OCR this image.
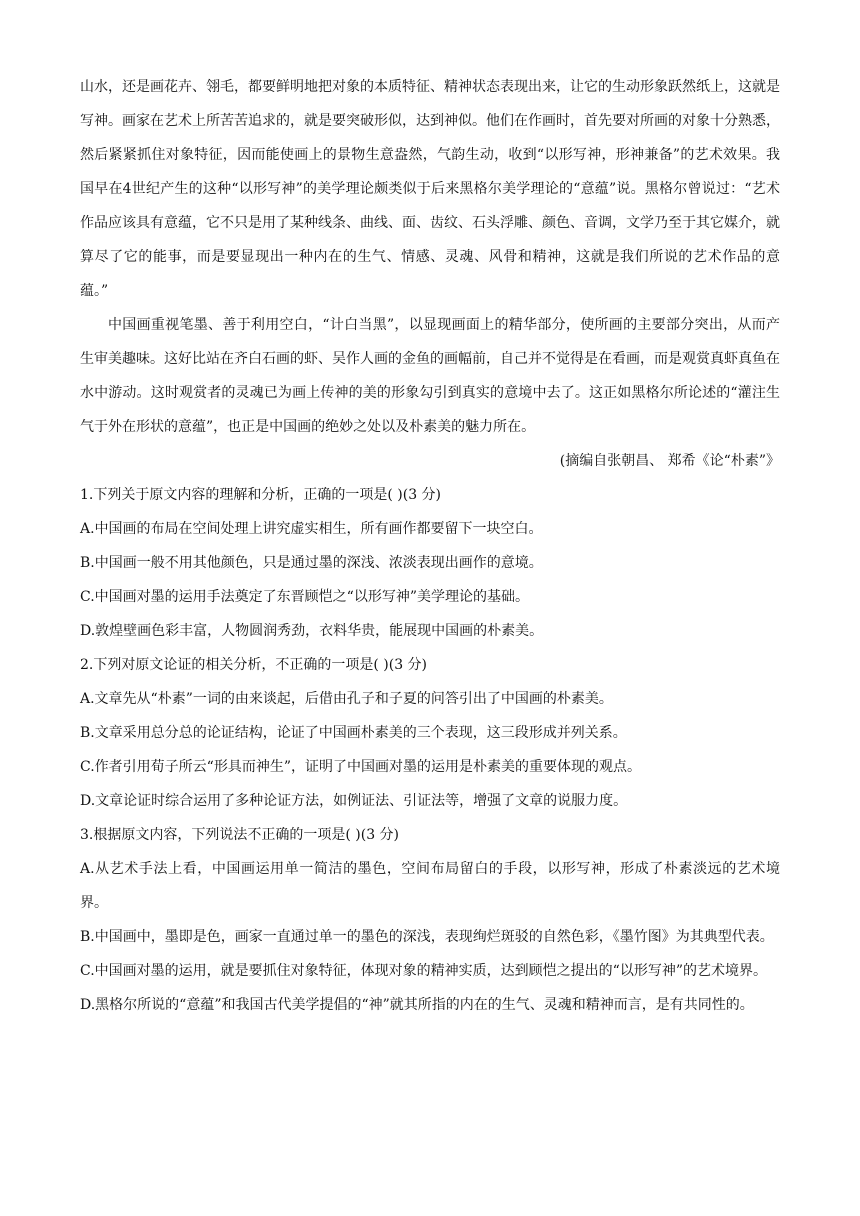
山水，还是画花卉、翎毛，都要鲜明地把对象的本质特征、精神状态表现出来，让它的生动形象跃然纸上，这就是写神。画家在艺术上所苦苦追求的，就是要突破形似，达到神似。他们在作画时，首先要对所画的对象十分熟悉，然后紧紧抓住对象特征，因而能使画上的景物生意盎然，气韵生动，收到“以形写神，形神兼备”的艺术效果。我国早在4世纪产生的这种“以形写神”的美学理论颇类似于后来黑格尔美学理论的“意蕴”说。黑格尔曾说过：“艺术作品应该具有意蕴，它不只是用了某种线条、曲线、面、齿纹、石头浮雕、颜色、音调，文学乃至于其它媒介，就算尽了它的能事，而是要显现出一种内在的生气、情感、灵魂、风骨和精神，这就是我们所说的艺术作品的意蕴。”

中国画重视笔墨、善于利用空白，“计白当黑”，以显现画面上的精华部分，使所画的主要部分突出，从而产生审美趣味。这好比站在齐白石画的虾、吴作人画的金鱼的画幅前，自己并不觉得是在看画，而是观赏真虾真鱼在水中游动。这时观赏者的灵魂已为画上传神的美的形象勾引到真实的意境中去了。这正如黑格尔所论述的“灌注生气于外在形状的意蕴”，也正是中国画的绝妙之处以及朴素美的魅力所在。

(摘编自张朝昌、 郑希《论“朴素”》

1.下列关于原文内容的理解和分析，正确的一项是( )(3 分)

A.中国画的布局在空间处理上讲究虚实相生，所有画作都要留下一块空白。

B.中国画一般不用其他颜色，只是通过墨的深浅、浓淡表现出画作的意境。

C.中国画对墨的运用手法奠定了东晋顾恺之“以形写神”美学理论的基础。

D.敦煌壁画色彩丰富，人物圆润秀劲，衣料华贵，能展现中国画的朴素美。

2.下列对原文论证的相关分析，不正确的一项是( )(3 分)

A.文章先从“朴素”一词的由来谈起，后借由孔子和子夏的问答引出了中国画的朴素美。

B.文章采用总分总的论证结构，论证了中国画朴素美的三个表现，这三段形成并列关系。

C.作者引用荀子所云“形具而神生”，证明了中国画对墨的运用是朴素美的重要体现的观点。

D.文章论证时综合运用了多种论证方法，如例证法、引证法等，增强了文章的说服力度。

3.根据原文内容，下列说法不正确的一项是( )(3 分)

A.从艺术手法上看，中国画运用单一简洁的墨色，空间布局留白的手段，以形写神，形成了朴素淡远的艺术境界。

B.中国画中，墨即是色，画家一直通过单一的墨色的深浅，表现绚烂斑驳的自然色彩，《墨竹图》为其典型代表。

C.中国画对墨的运用，就是要抓住对象特征，体现对象的精神实质，达到顾恺之提出的“以形写神”的艺术境界。

D.黑格尔所说的“意蕴”和我国古代美学提倡的“神”就其所指的内在的生气、灵魂和精神而言，是有共同性的。
